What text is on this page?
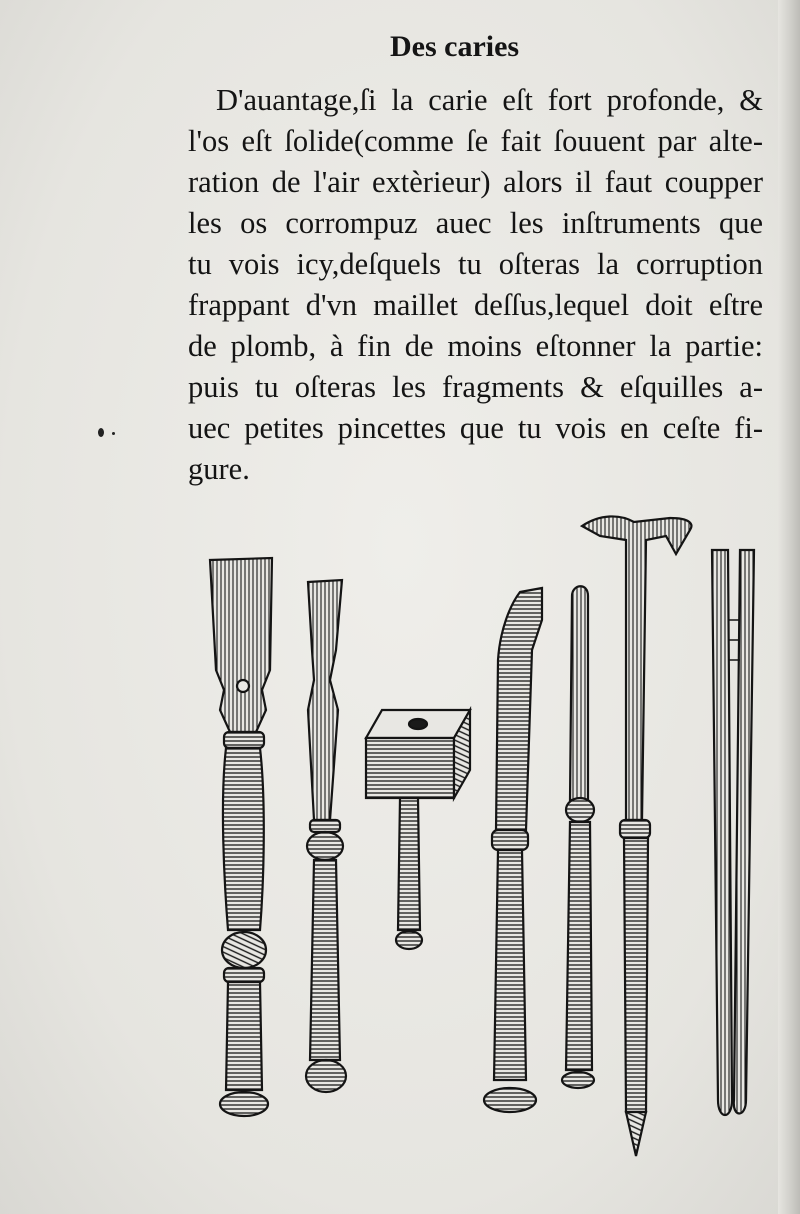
Des caries
D'auantage,ſi la carie eſt fort profonde, &
l'os eſt ſolide(comme ſe fait ſouuent par alte-
ration de l'air extèrieur) alors il faut coupper
les os corrompuz auec les inſtruments que
tu vois icy,deſquels tu oſteras la corruption
frappant d'vn maillet deſſus,lequel doit eſtre
de plomb, à fin de moins eſtonner la partie:
puis tu oſteras les fragments & eſquilles a-
uec petites pincettes que tu vois en ceſte fi-
gure.
